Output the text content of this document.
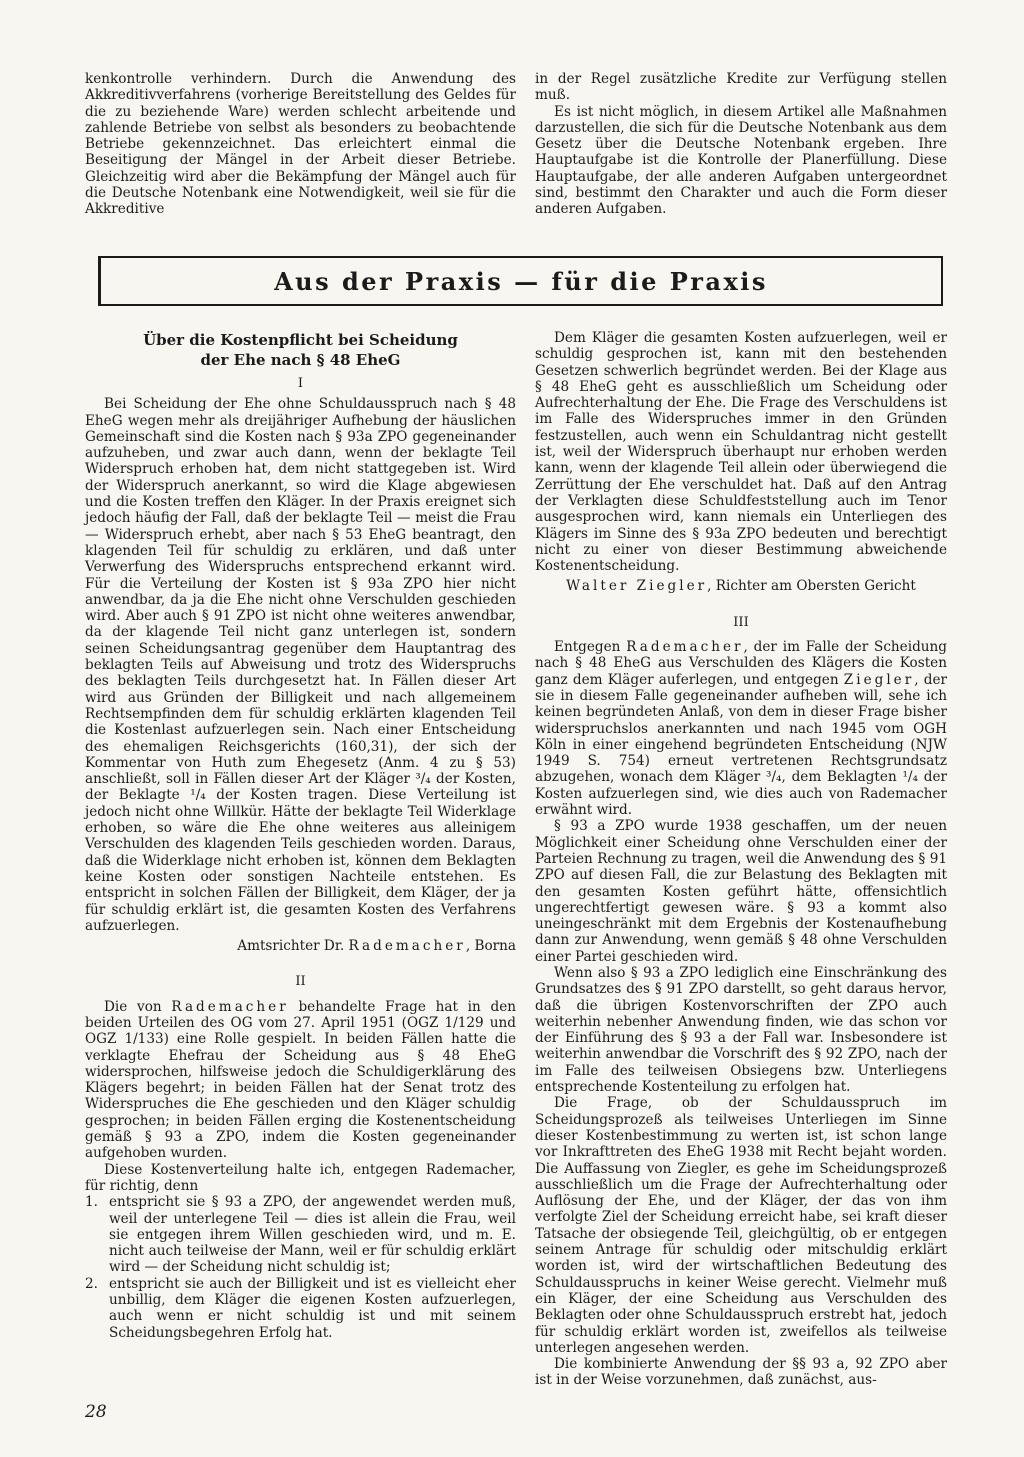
kenkontrolle verhindern. Durch die Anwendung des Akkreditivverfahrens (vorherige Bereitstellung des Geldes für die zu beziehende Ware) werden schlecht arbeitende und zahlende Betriebe von selbst als besonders zu beobachtende Betriebe gekennzeichnet. Das erleichtert einmal die Beseitigung der Mängel in der Arbeit dieser Betriebe. Gleichzeitig wird aber die Bekämpfung der Mängel auch für die Deutsche Notenbank eine Notwendigkeit, weil sie für die Akkreditive

in der Regel zusätzliche Kredite zur Verfügung stellen muß.

Es ist nicht möglich, in diesem Artikel alle Maßnahmen darzustellen, die sich für die Deutsche Notenbank aus dem Gesetz über die Deutsche Notenbank ergeben. Ihre Hauptaufgabe ist die Kontrolle der Planerfüllung. Diese Hauptaufgabe, der alle anderen Aufgaben untergeordnet sind, bestimmt den Charakter und auch die Form dieser anderen Aufgaben.

Aus der Praxis — für die Praxis
Über die Kostenpflicht bei Scheidung
der Ehe nach § 48 EheG
I

Bei Scheidung der Ehe ohne Schuldausspruch nach § 48 EheG wegen mehr als dreijähriger Aufhebung der häuslichen Gemeinschaft sind die Kosten nach § 93a ZPO gegeneinander aufzuheben, und zwar auch dann, wenn der beklagte Teil Widerspruch erhoben hat, dem nicht stattgegeben ist. Wird der Widerspruch anerkannt, so wird die Klage abgewiesen und die Kosten treffen den Kläger. In der Praxis ereignet sich jedoch häufig der Fall, daß der beklagte Teil — meist die Frau — Widerspruch erhebt, aber nach § 53 EheG beantragt, den klagenden Teil für schuldig zu erklären, und daß unter Verwerfung des Widerspruchs entsprechend erkannt wird. Für die Verteilung der Kosten ist § 93a ZPO hier nicht anwendbar, da ja die Ehe nicht ohne Verschulden geschieden wird. Aber auch § 91 ZPO ist nicht ohne weiteres anwendbar, da der klagende Teil nicht ganz unterlegen ist, sondern seinen Scheidungsantrag gegenüber dem Hauptantrag des beklagten Teils auf Abweisung und trotz des Widerspruchs des beklagten Teils durchgesetzt hat. In Fällen dieser Art wird aus Gründen der Billigkeit und nach allgemeinem Rechtsempfinden dem für schuldig erklärten klagenden Teil die Kostenlast aufzuerlegen sein. Nach einer Entscheidung des ehemaligen Reichsgerichts (160,31), der sich der Kommentar von Huth zum Ehegesetz (Anm. 4 zu § 53) anschließt, soll in Fällen dieser Art der Kläger ³/₄ der Kosten, der Beklagte ¹/₄ der Kosten tragen. Diese Verteilung ist jedoch nicht ohne Willkür. Hätte der beklagte Teil Widerklage erhoben, so wäre die Ehe ohne weiteres aus alleinigem Verschulden des klagenden Teils geschieden worden. Daraus, daß die Widerklage nicht erhoben ist, können dem Beklagten keine Kosten oder sonstigen Nachteile entstehen. Es entspricht in solchen Fällen der Billigkeit, dem Kläger, der ja für schuldig erklärt ist, die gesamten Kosten des Verfahrens aufzuerlegen.

Amtsrichter Dr. Rademacher, Borna
II

Die von Rademacher behandelte Frage hat in den beiden Urteilen des OG vom 27. April 1951 (OGZ 1/129 und OGZ 1/133) eine Rolle gespielt. In beiden Fällen hatte die verklagte Ehefrau der Scheidung aus § 48 EheG widersprochen, hilfsweise jedoch die Schuldigerklärung des Klägers begehrt; in beiden Fällen hat der Senat trotz des Widerspruches die Ehe geschieden und den Kläger schuldig gesprochen; in beiden Fällen erging die Kostenentscheidung gemäß § 93 a ZPO, indem die Kosten gegeneinander aufgehoben wurden.

Diese Kostenverteilung halte ich, entgegen Rademacher, für richtig, denn

1. entspricht sie § 93 a ZPO, der angewendet werden muß, weil der unterlegene Teil — dies ist allein die Frau, weil sie entgegen ihrem Willen geschieden wird, und m. E. nicht auch teilweise der Mann, weil er für schuldig erklärt wird — der Scheidung nicht schuldig ist;
2. entspricht sie auch der Billigkeit und ist es vielleicht eher unbillig, dem Kläger die eigenen Kosten aufzuerlegen, auch wenn er nicht schuldig ist und mit seinem Scheidungsbegehren Erfolg hat.

Dem Kläger die gesamten Kosten aufzuerlegen, weil er schuldig gesprochen ist, kann mit den bestehenden Gesetzen schwerlich begründet werden. Bei der Klage aus § 48 EheG geht es ausschließlich um Scheidung oder Aufrechterhaltung der Ehe. Die Frage des Verschuldens ist im Falle des Widerspruches immer in den Gründen festzustellen, auch wenn ein Schuldantrag nicht gestellt ist, weil der Widerspruch überhaupt nur erhoben werden kann, wenn der klagende Teil allein oder überwiegend die Zerrüttung der Ehe verschuldet hat. Daß auf den Antrag der Verklagten diese Schuldfeststellung auch im Tenor ausgesprochen wird, kann niemals ein Unterliegen des Klägers im Sinne des § 93a ZPO bedeuten und berechtigt nicht zu einer von dieser Bestimmung abweichende Kostenentscheidung.

Walter Ziegler, Richter am Obersten Gericht
III

Entgegen Rademacher, der im Falle der Scheidung nach § 48 EheG aus Verschulden des Klägers die Kosten ganz dem Kläger auferlegen, und entgegen Ziegler, der sie in diesem Falle gegeneinander aufheben will, sehe ich keinen begründeten Anlaß, von dem in dieser Frage bisher widerspruchslos anerkannten und nach 1945 vom OGH Köln in einer eingehend begründeten Entscheidung (NJW 1949 S. 754) erneut vertretenen Rechtsgrundsatz abzugehen, wonach dem Kläger ³/₄, dem Beklagten ¹/₄ der Kosten aufzuerlegen sind, wie dies auch von Rademacher erwähnt wird.

§ 93 a ZPO wurde 1938 geschaffen, um der neuen Möglichkeit einer Scheidung ohne Verschulden einer der Parteien Rechnung zu tragen, weil die Anwendung des § 91 ZPO auf diesen Fall, die zur Belastung des Beklagten mit den gesamten Kosten geführt hätte, offensichtlich ungerechtfertigt gewesen wäre. § 93 a kommt also uneingeschränkt mit dem Ergebnis der Kostenaufhebung dann zur Anwendung, wenn gemäß § 48 ohne Verschulden einer Partei geschieden wird.

Wenn also § 93 a ZPO lediglich eine Einschränkung des Grundsatzes des § 91 ZPO darstellt, so geht daraus hervor, daß die übrigen Kostenvorschriften der ZPO auch weiterhin nebenher Anwendung finden, wie das schon vor der Einführung des § 93 a der Fall war. Insbesondere ist weiterhin anwendbar die Vorschrift des § 92 ZPO, nach der im Falle des teilweisen Obsiegens bzw. Unterliegens entsprechende Kostenteilung zu erfolgen hat.

Die Frage, ob der Schuldausspruch im Scheidungsprozeß als teilweises Unterliegen im Sinne dieser Kostenbestimmung zu werten ist, ist schon lange vor Inkrafttreten des EheG 1938 mit Recht bejaht worden. Die Auffassung von Ziegler, es gehe im Scheidungsprozeß ausschließlich um die Frage der Aufrechterhaltung oder Auflösung der Ehe, und der Kläger, der das von ihm verfolgte Ziel der Scheidung erreicht habe, sei kraft dieser Tatsache der obsiegende Teil, gleichgültig, ob er entgegen seinem Antrage für schuldig oder mitschuldig erklärt worden ist, wird der wirtschaftlichen Bedeutung des Schuldausspruchs in keiner Weise gerecht. Vielmehr muß ein Kläger, der eine Scheidung aus Verschulden des Beklagten oder ohne Schuldausspruch erstrebt hat, jedoch für schuldig erklärt worden ist, zweifellos als teilweise unterlegen angesehen werden.

Die kombinierte Anwendung der §§ 93 a, 92 ZPO aber ist in der Weise vorzunehmen, daß zunächst, aus-

28
